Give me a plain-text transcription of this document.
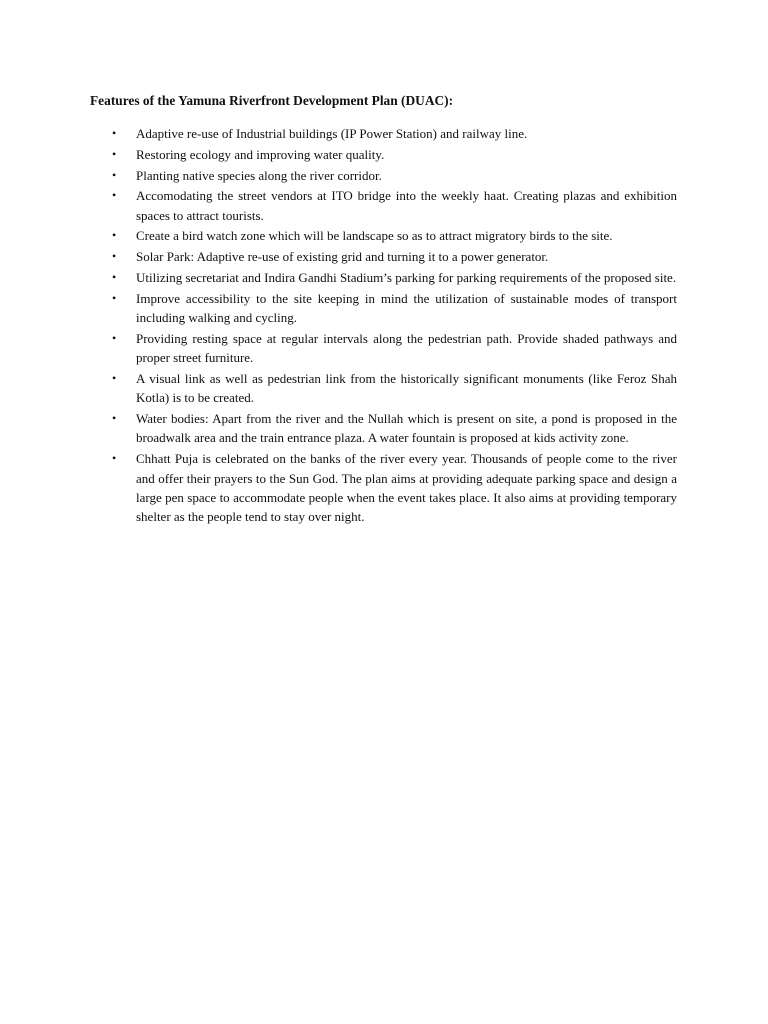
Features of the Yamuna Riverfront Development Plan (DUAC):
• Adaptive re-use of Industrial buildings (IP Power Station) and railway line.
• Restoring ecology and improving water quality.
• Planting native species along the river corridor.
• Accomodating the street vendors at ITO bridge into the weekly haat. Creating plazas and exhibition spaces to attract tourists.
• Create a bird watch zone which will be landscape so as to attract migratory birds to the site.
• Solar Park: Adaptive re-use of existing grid and turning it to a power generator.
• Utilizing secretariat and Indira Gandhi Stadium’s parking for parking requirements of the proposed site.
• Improve accessibility to the site keeping in mind the utilization of sustainable modes of transport including walking and cycling.
• Providing resting space at regular intervals along the pedestrian path. Provide shaded pathways and proper street furniture.
• A visual link as well as pedestrian link from the historically significant monuments (like Feroz Shah Kotla) is to be created.
• Water bodies: Apart from the river and the Nullah which is present on site, a pond is proposed in the broadwalk area and the train entrance plaza. A water fountain is proposed at kids activity zone.
• Chhatt Puja is celebrated on the banks of the river every year. Thousands of people come to the river and offer their prayers to the Sun God. The plan aims at providing adequate parking space and design a large pen space to accommodate people when the event takes place. It also aims at providing temporary shelter as the people tend to stay over night.
